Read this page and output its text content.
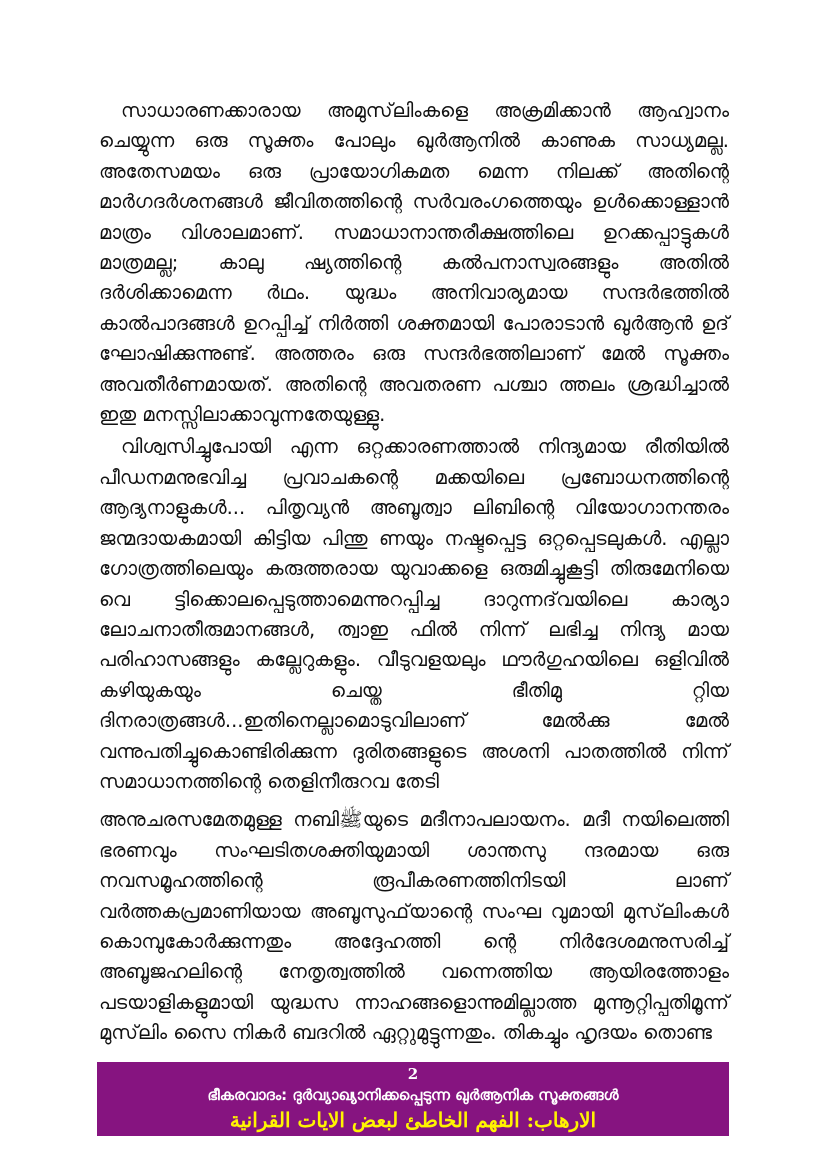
സാധാരണക്കാരായ അമുസ്‌ലിംകളെ അക്രമിക്കാൻ ആഹ്വാനം ചെയ്യുന്ന ഒരു സൂക്തം പോലും ഖുർആനിൽ കാണുക സാധ്യമല്ല. അതേസമയം ഒരു പ്രായോഗികമത മെന്ന നിലക്ക് അതിന്റെ മാർഗദർശനങ്ങൾ ജീവിതത്തിന്റെ സർവരംഗത്തെയും ഉൾക്കൊള്ളാൻ മാത്രം വിശാലമാണ്. സമാധാനാന്തരീക്ഷത്തിലെ ഉറക്കപ്പാട്ടുകൾ മാത്രമല്ല; കാലു ഷ്യത്തിന്റെ കൽപനാസ്വരങ്ങളും അതിൽ ദർശിക്കാമെന്ന ർഥം. യുദ്ധം അനിവാര്യമായ സന്ദർഭത്തിൽ കാൽപാദങ്ങൾ ഉറപ്പിച്ച് നിർത്തി ശക്തമായി പോരാടാൻ ഖുർആൻ ഉദ് ഘോഷിക്കുന്നുണ്ട്. അത്തരം ഒരു സന്ദർഭത്തിലാണ് മേൽ സൂക്തം അവതീർണമായത്. അതിന്റെ അവതരണ പശ്ചാ ത്തലം ശ്രദ്ധിച്ചാൽ ഇതു മനസ്സിലാക്കാവുന്നതേയുള്ളു.

വിശ്വസിച്ചുപോയി എന്ന ഒറ്റക്കാരണത്താൽ നിന്ദ്യമായ രീതിയിൽ പീഡനമനുഭവിച്ച പ്രവാചകന്റെ മക്കയിലെ പ്രബോധനത്തിന്റെ ആദ്യനാളുകൾ... പിതൃവ്യൻ അബൂത്വാ ലിബിന്റെ വിയോഗാനന്തരം ജന്മദായകമായി കിട്ടിയ പിന്തു ണയും നഷ്ടപ്പെട്ട ഒറ്റപ്പെടലുകൾ. എല്ലാ ഗോത്രത്തിലെയും കരുത്തരായ യുവാക്കളെ ഒരുമിച്ചുകൂട്ടി തിരുമേനിയെ വെ ട്ടിക്കൊലപ്പെടുത്താമെന്നുറപ്പിച്ച ദാറുന്നദ്‌വയിലെ കാര്യാ ലോചനാതീരുമാനങ്ങൾ, ത്വാഇ ഫിൽ നിന്ന് ലഭിച്ച നിന്ദ്യ മായ പരിഹാസങ്ങളും കല്ലേറുകളും. വീടുവളയലും ഥൗർഗുഹയിലെ ഒളിവിൽ കഴിയുകയും ചെയ്ത ഭീതിമു റ്റിയ ദിനരാത്രങ്ങൾ...ഇതിനെല്ലാമൊടുവിലാണ് മേൽക്കു മേൽ വന്നുപതിച്ചുകൊണ്ടിരിക്കുന്ന ദുരിതങ്ങളുടെ അശനി പാതത്തിൽ നിന്ന് സമാധാനത്തിന്റെ തെളിനീരുറവ തേടി

അനുചരസമേതമുള്ള നബിﷺയുടെ മദീനാപലായനം. മദീ നയിലെത്തി ഭരണവും സംഘടിതശക്തിയുമായി ശാന്തസു ന്ദരമായ ഒരു നവസമൂഹത്തിന്റെ രൂപീകരണത്തിനിടയി ലാണ് വർത്തകപ്രമാണിയായ അബൂസുഫ്‌യാന്റെ സംഘ വുമായി മുസ്‌ലിംകൾ കൊമ്പുകോർക്കുന്നതും അദ്ദേഹത്തി ന്റെ നിർദേശമനുസരിച്ച് അബൂജഹലിന്റെ നേതൃത്വത്തിൽ വന്നെത്തിയ ആയിരത്തോളം പടയാളികളുമായി യുദ്ധസ ന്നാഹങ്ങളൊന്നുമില്ലാത്ത മുന്നൂറ്റിപ്പതിമൂന്ന് മുസ്‌ലിം സൈ നികർ ബദറിൽ ഏറ്റുമുട്ടുന്നതും. തികച്ചും ഹൃദയം തൊണ്ട

2
ഭീകരവാദം: ദുർവ്യാഖ്യാനിക്കപ്പെടുന്ന ഖുർആനിക സൂക്തങ്ങൾ
الارهاب: الفهم الخاطئ لبعض الايات القرانية
